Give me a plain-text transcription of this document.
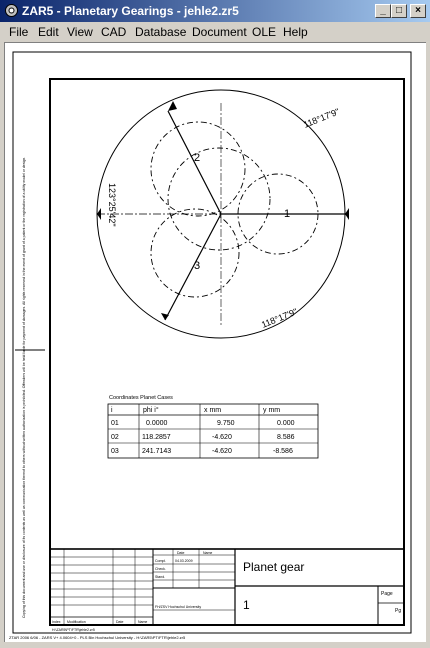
ZAR5 - Planetary Gearings - jehle2.zr5	_	□	×
File Edit View CAD Database Document OLE Help
1
2
3
118°17'9"
118°17'9"
123°25'42"
Coordinates Planet Cases
i	phi i°	x mm	y mm
01	0.0000	9.750	0.000
02	118.2857	-4.620	8.586
03	241.7143	-4.620	-8.586
Planet gear
1
Page
Pg
Date	Name
Compl.	04.03.2009
Check.
Stand.
FH/ZSV Hochschul University
Index Modification	Date	Name
H:\ZAR5\PT\FTR\jehle2.zr5
ZTAR 2006 6/06 - ZARS V+ 4.0604+0 - PLS Bin Hochschul University - H:\ZAR5\PT\FTR\jehle2.zr5
Copying of this document and use or disclosure of its contents as well as communication thereof to others without written authorization is prohibited. Offenders will be held liable for payment of damages. All rights reserved in the event of grant of a patent or the registration of a utility model or design.
